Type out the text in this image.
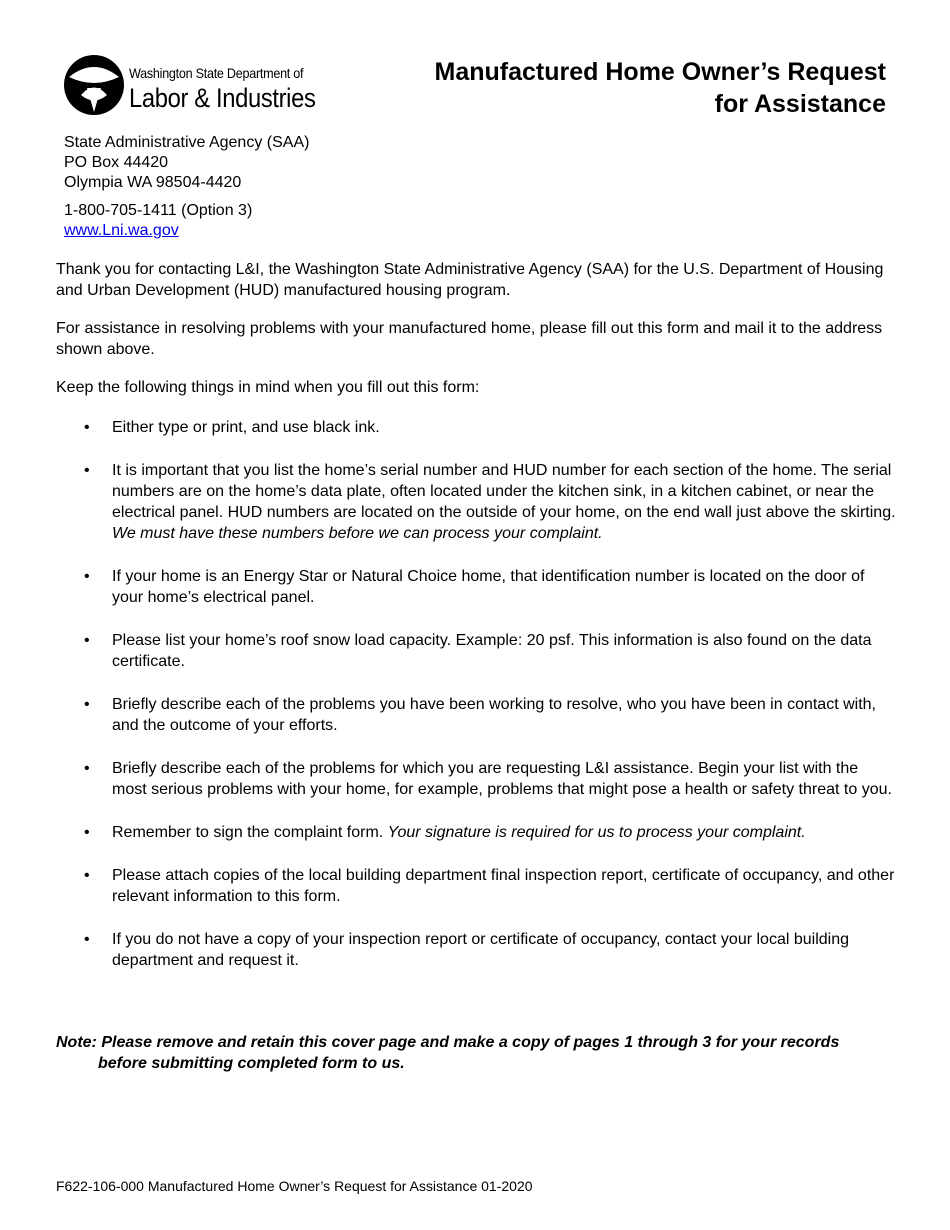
Washington State Department of
Labor & Industries
Manufactured Home Owner’s Request
for Assistance
State Administrative Agency (SAA)
PO Box 44420
Olympia WA 98504-4420
1-800-705-1411 (Option 3)
www.Lni.wa.gov
Thank you for contacting L&I, the Washington State Administrative Agency (SAA) for the U.S. Department of Housing and Urban Development (HUD) manufactured housing program.
For assistance in resolving problems with your manufactured home, please fill out this form and mail it to the address shown above.
Keep the following things in mind when you fill out this form:
• Either type or print, and use black ink.
• It is important that you list the home’s serial number and HUD number for each section of the home. The serial numbers are on the home’s data plate, often located under the kitchen sink, in a kitchen cabinet, or near the electrical panel. HUD numbers are located on the outside of your home, on the end wall just above the skirting. We must have these numbers before we can process your complaint.
• If your home is an Energy Star or Natural Choice home, that identification number is located on the door of your home’s electrical panel.
• Please list your home’s roof snow load capacity. Example: 20 psf. This information is also found on the data certificate.
• Briefly describe each of the problems you have been working to resolve, who you have been in contact with, and the outcome of your efforts.
• Briefly describe each of the problems for which you are requesting L&I assistance. Begin your list with the most serious problems with your home, for example, problems that might pose a health or safety threat to you.
• Remember to sign the complaint form. Your signature is required for us to process your complaint.
• Please attach copies of the local building department final inspection report, certificate of occupancy, and other relevant information to this form.
• If you do not have a copy of your inspection report or certificate of occupancy, contact your local building department and request it.
Note: Please remove and retain this cover page and make a copy of pages 1 through 3 for your records
before submitting completed form to us.
F622-106-000 Manufactured Home Owner’s Request for Assistance 01-2020
